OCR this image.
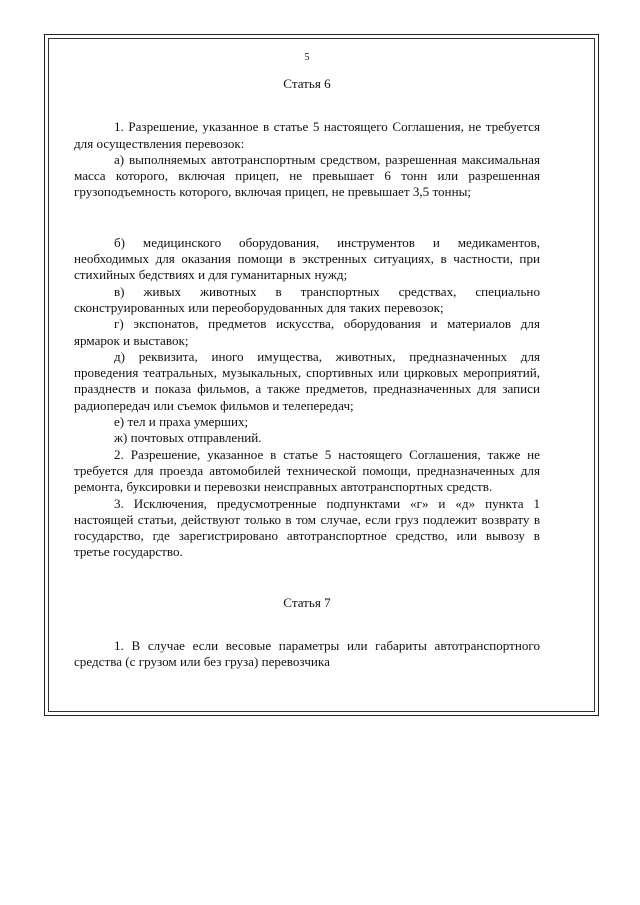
5

Статья 6

1. Разрешение, указанное в статье 5 настоящего Соглашения, не требуется для осуществления перевозок:

а) выполняемых автотранспортным средством, разрешенная максимальная масса которого, включая прицеп, не превышает 6 тонн или разрешенная грузоподъемность которого, включая прицеп, не превышает 3,5 тонны;

б) медицинского оборудования, инструментов и медикаментов, необходимых для оказания помощи в экстренных ситуациях, в частности, при стихийных бедствиях и для гуманитарных нужд;

в) живых животных в транспортных средствах, специально сконструированных или переоборудованных для таких перевозок;

г) экспонатов, предметов искусства, оборудования и материалов для ярмарок и выставок;

д) реквизита, иного имущества, животных, предназначенных для проведения театральных, музыкальных, спортивных или цирковых мероприятий, празднеств и показа фильмов, а также предметов, предназначенных для записи радиопередач или съемок фильмов и телепередач;

е) тел и праха умерших;

ж) почтовых отправлений.

2. Разрешение, указанное в статье 5 настоящего Соглашения, также не требуется для проезда автомобилей технической помощи, предназначенных для ремонта, буксировки и перевозки неисправных автотранспортных средств.

3. Исключения, предусмотренные подпунктами «г» и «д» пункта 1 настоящей статьи, действуют только в том случае, если груз подлежит возврату в государство, где зарегистрировано автотранспортное средство, или вывозу в третье государство.

Статья 7

1. В случае если весовые параметры или габариты автотранспортного средства (с грузом или без груза) перевозчика
